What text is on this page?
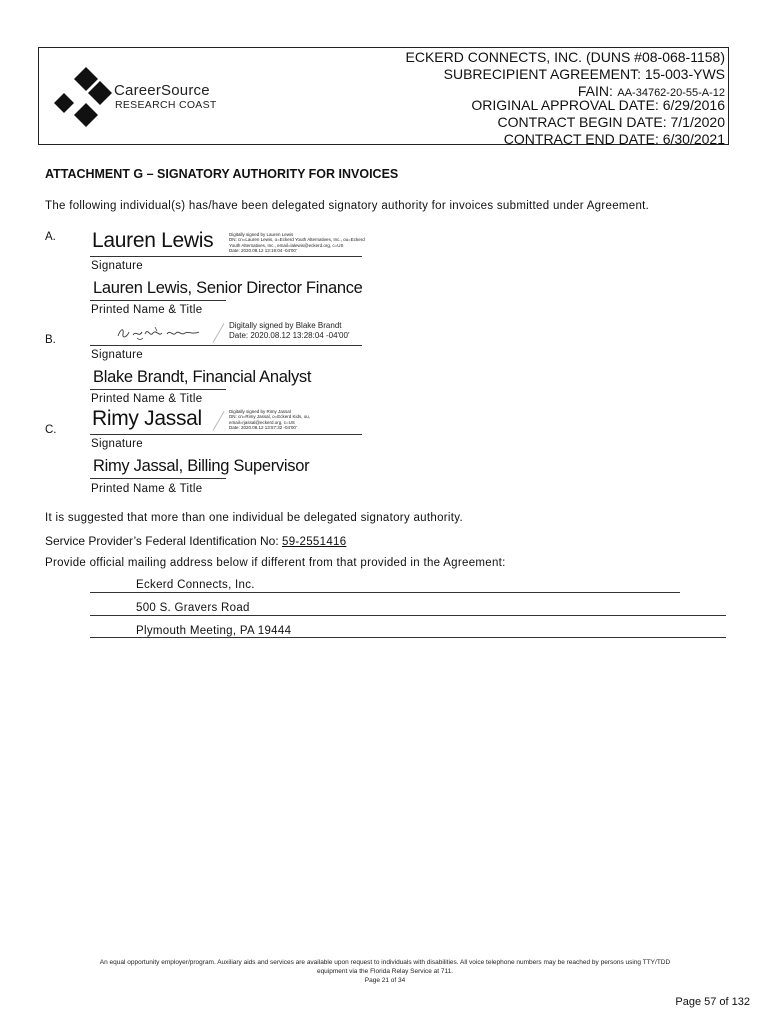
CareerSource
RESEARCH COAST
ECKERD CONNECTS, INC. (DUNS #08-068-1158)
SUBRECIPIENT AGREEMENT: 15-003-YWS
FAIN: AA-34762-20-55-A-12
ORIGINAL APPROVAL DATE: 6/29/2016
CONTRACT BEGIN DATE: 7/1/2020
CONTRACT END DATE: 6/30/2021
ATTACHMENT G – SIGNATORY AUTHORITY FOR INVOICES
The following individual(s) has/have been delegated signatory authority for invoices submitted under Agreement.
A. Lauren Lewis	Digitally signed by Lauren Lewis
DN: cn=Lauren Lewis, o=Eckerd Youth Alternatives, Inc., ou=Eckerd
Youth Alternatives, Inc., email=lalewis@eckerd.org, c=US
Date: 2020.08.12 13:19:04 -04'00'
Signature
Lauren Lewis, Senior Director Finance
Printed Name & Title
B.
Digitally signed by Blake Brandt
Date: 2020.08.12 13:28:04 -04'00'
Signature
Blake Brandt, Financial Analyst
Printed Name & Title
C. Rimy Jassal	Digitally signed by Rimy Jassal
DN: cn=Rimy Jassal, o=Eckerd Kids, ou,
email=rjassal@eckerd.org, c=US
Date: 2020.08.12 13:57:32 -04'00'
Signature
Rimy Jassal, Billing Supervisor
Printed Name & Title
It is suggested that more than one individual be delegated signatory authority.
Service Provider’s Federal Identification No: 59-2551416
Provide official mailing address below if different from that provided in the Agreement:
Eckerd Connects, Inc.
500 S. Gravers Road
Plymouth Meeting, PA 19444
An equal opportunity employer/program. Auxiliary aids and services are available upon request to individuals with disabilities. All voice telephone numbers may be reached by persons using TTY/TDD
equipment via the Florida Relay Service at 711.
Page 21 of 34
Page 57 of 132
